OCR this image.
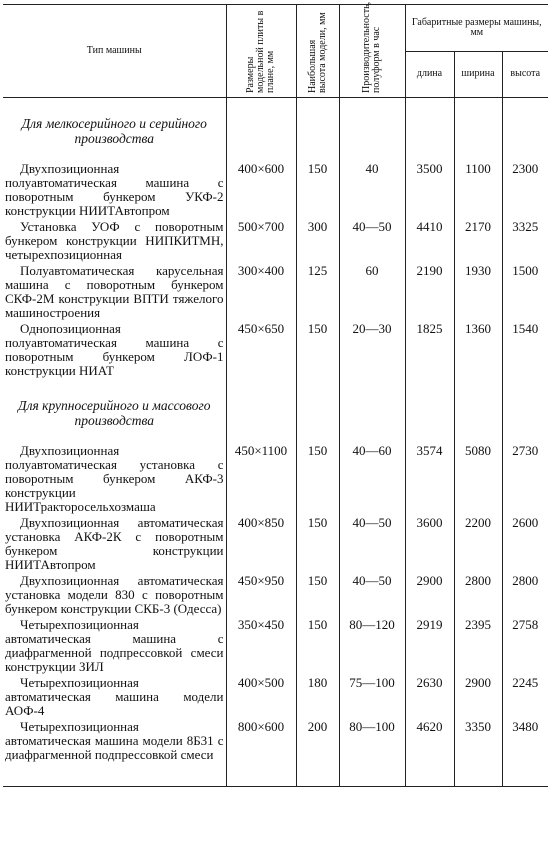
Тип машины	Размеры модельной плиты в плане, мм	Наибольшая высота модели, мм	Производительность, полуформ в час	Габаритные размеры машины, мм		
				длина	ширина	высота
Для мелкосерийного и серийного производства						

Двухпозиционная полуавтоматическая машина с поворотным бункером УКФ-2 конструкции НИИТАвтопром	400×600	150	40	3500	1100	2300

Установка УОФ с поворотным бункером конструкции НИПКИТМН, четырехпозиционная	500×700	300	40—50	4410	2170	3325

Полуавтоматическая карусельная машина с поворотным бункером СКФ-2М конструкции ВПТИ тяжелого машиностроения	300×400	125	60	2190	1930	1500

Однопозиционная полуавтоматическая машина с поворотным бункером ЛОФ-1 конструкции НИАТ	450×650	150	20—30	1825	1360	1540
Для крупносерийного и массового производства						

Двухпозиционная полуавтоматическая установка с поворотным бункером АКФ-3 конструкции НИИТракторосельхозмаша	450×1100	150	40—60	3574	5080	2730

Двухпозиционная автоматическая установка АКФ-2К с поворотным бункером конструкции НИИТАвтопром	400×850	150	40—50	3600	2200	2600

Двухпозиционная автоматическая установка модели 830 с поворотным бункером конструкции СКБ-3 (Одесса)	450×950	150	40—50	2900	2800	2800

Четырехпозиционная автоматическая машина с диафрагменной подпрессовкой смеси конструкции ЗИЛ	350×450	150	80—120	2919	2395	2758

Четырехпозиционная автоматическая машина модели АОФ-4	400×500	180	75—100	2630	2900	2245

Четырехпозиционная автоматическая машина модели 8Б31 с диафрагменной подпрессовкой смеси	800×600	200	80—100	4620	3350	3480
